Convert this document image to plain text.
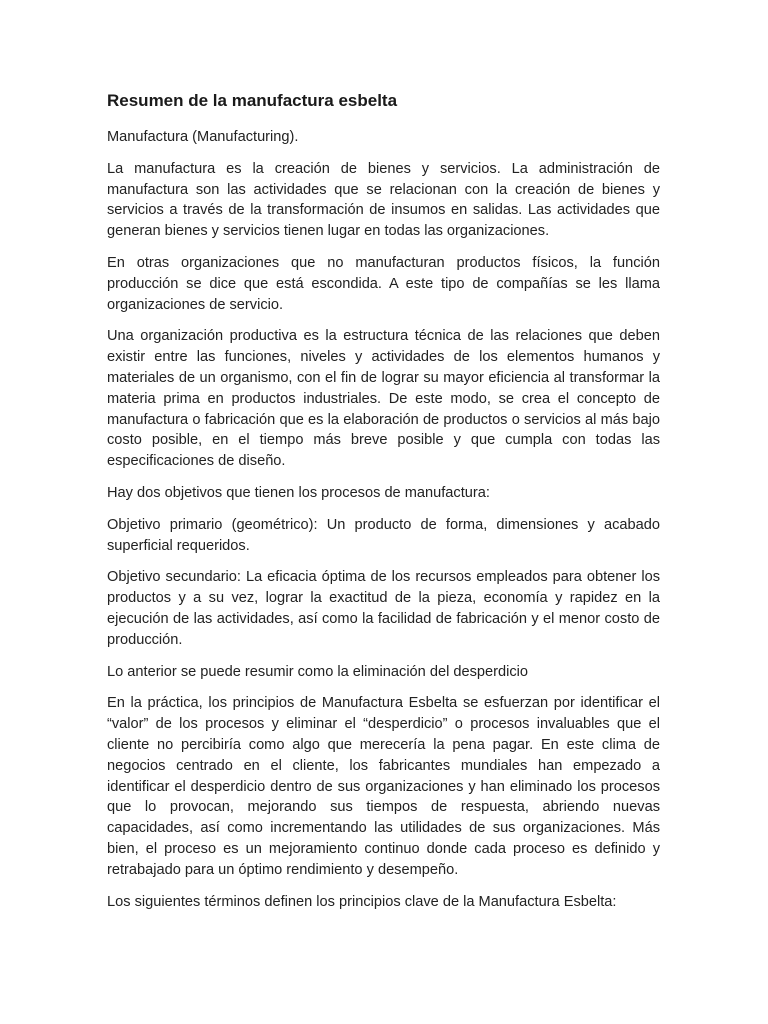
Resumen de la manufactura esbelta

Manufactura (Manufacturing).

La manufactura es la creación de bienes y servicios. La administración de manufactura son las actividades que se relacionan con la creación de bienes y servicios a través de la transformación de insumos en salidas. Las actividades que generan bienes y servicios tienen lugar en todas las organizaciones.

En otras organizaciones que no manufacturan productos físicos, la función producción se dice que está escondida. A este tipo de compañías se les llama organizaciones de servicio.

Una organización productiva es la estructura técnica de las relaciones que deben existir entre las funciones, niveles y actividades de los elementos humanos y materiales de un organismo, con el fin de lograr su mayor eficiencia al transformar la materia prima en productos industriales. De este modo, se crea el concepto de manufactura o fabricación que es la elaboración de productos o servicios al más bajo costo posible, en el tiempo más breve posible y que cumpla con todas las especificaciones de diseño.

Hay dos objetivos que tienen los procesos de manufactura:

Objetivo primario (geométrico): Un producto de forma, dimensiones y acabado superficial requeridos.

Objetivo secundario: La eficacia óptima de los recursos empleados para obtener los productos y a su vez, lograr la exactitud de la pieza, economía y rapidez en la ejecución de las actividades, así como la facilidad de fabricación y el menor costo de producción.

Lo anterior se puede resumir como la eliminación del desperdicio

En la práctica, los principios de Manufactura Esbelta se esfuerzan por identificar el “valor” de los procesos y eliminar el “desperdicio” o procesos invaluables que el cliente no percibiría como algo que merecería la pena pagar. En este clima de negocios centrado en el cliente, los fabricantes mundiales han empezado a identificar el desperdicio dentro de sus organizaciones y han eliminado los procesos que lo provocan, mejorando sus tiempos de respuesta, abriendo nuevas capacidades, así como incrementando las utilidades de sus organizaciones. Más bien, el proceso es un mejoramiento continuo donde cada proceso es definido y retrabajado para un óptimo rendimiento y desempeño.

Los siguientes términos definen los principios clave de la Manufactura Esbelta:
